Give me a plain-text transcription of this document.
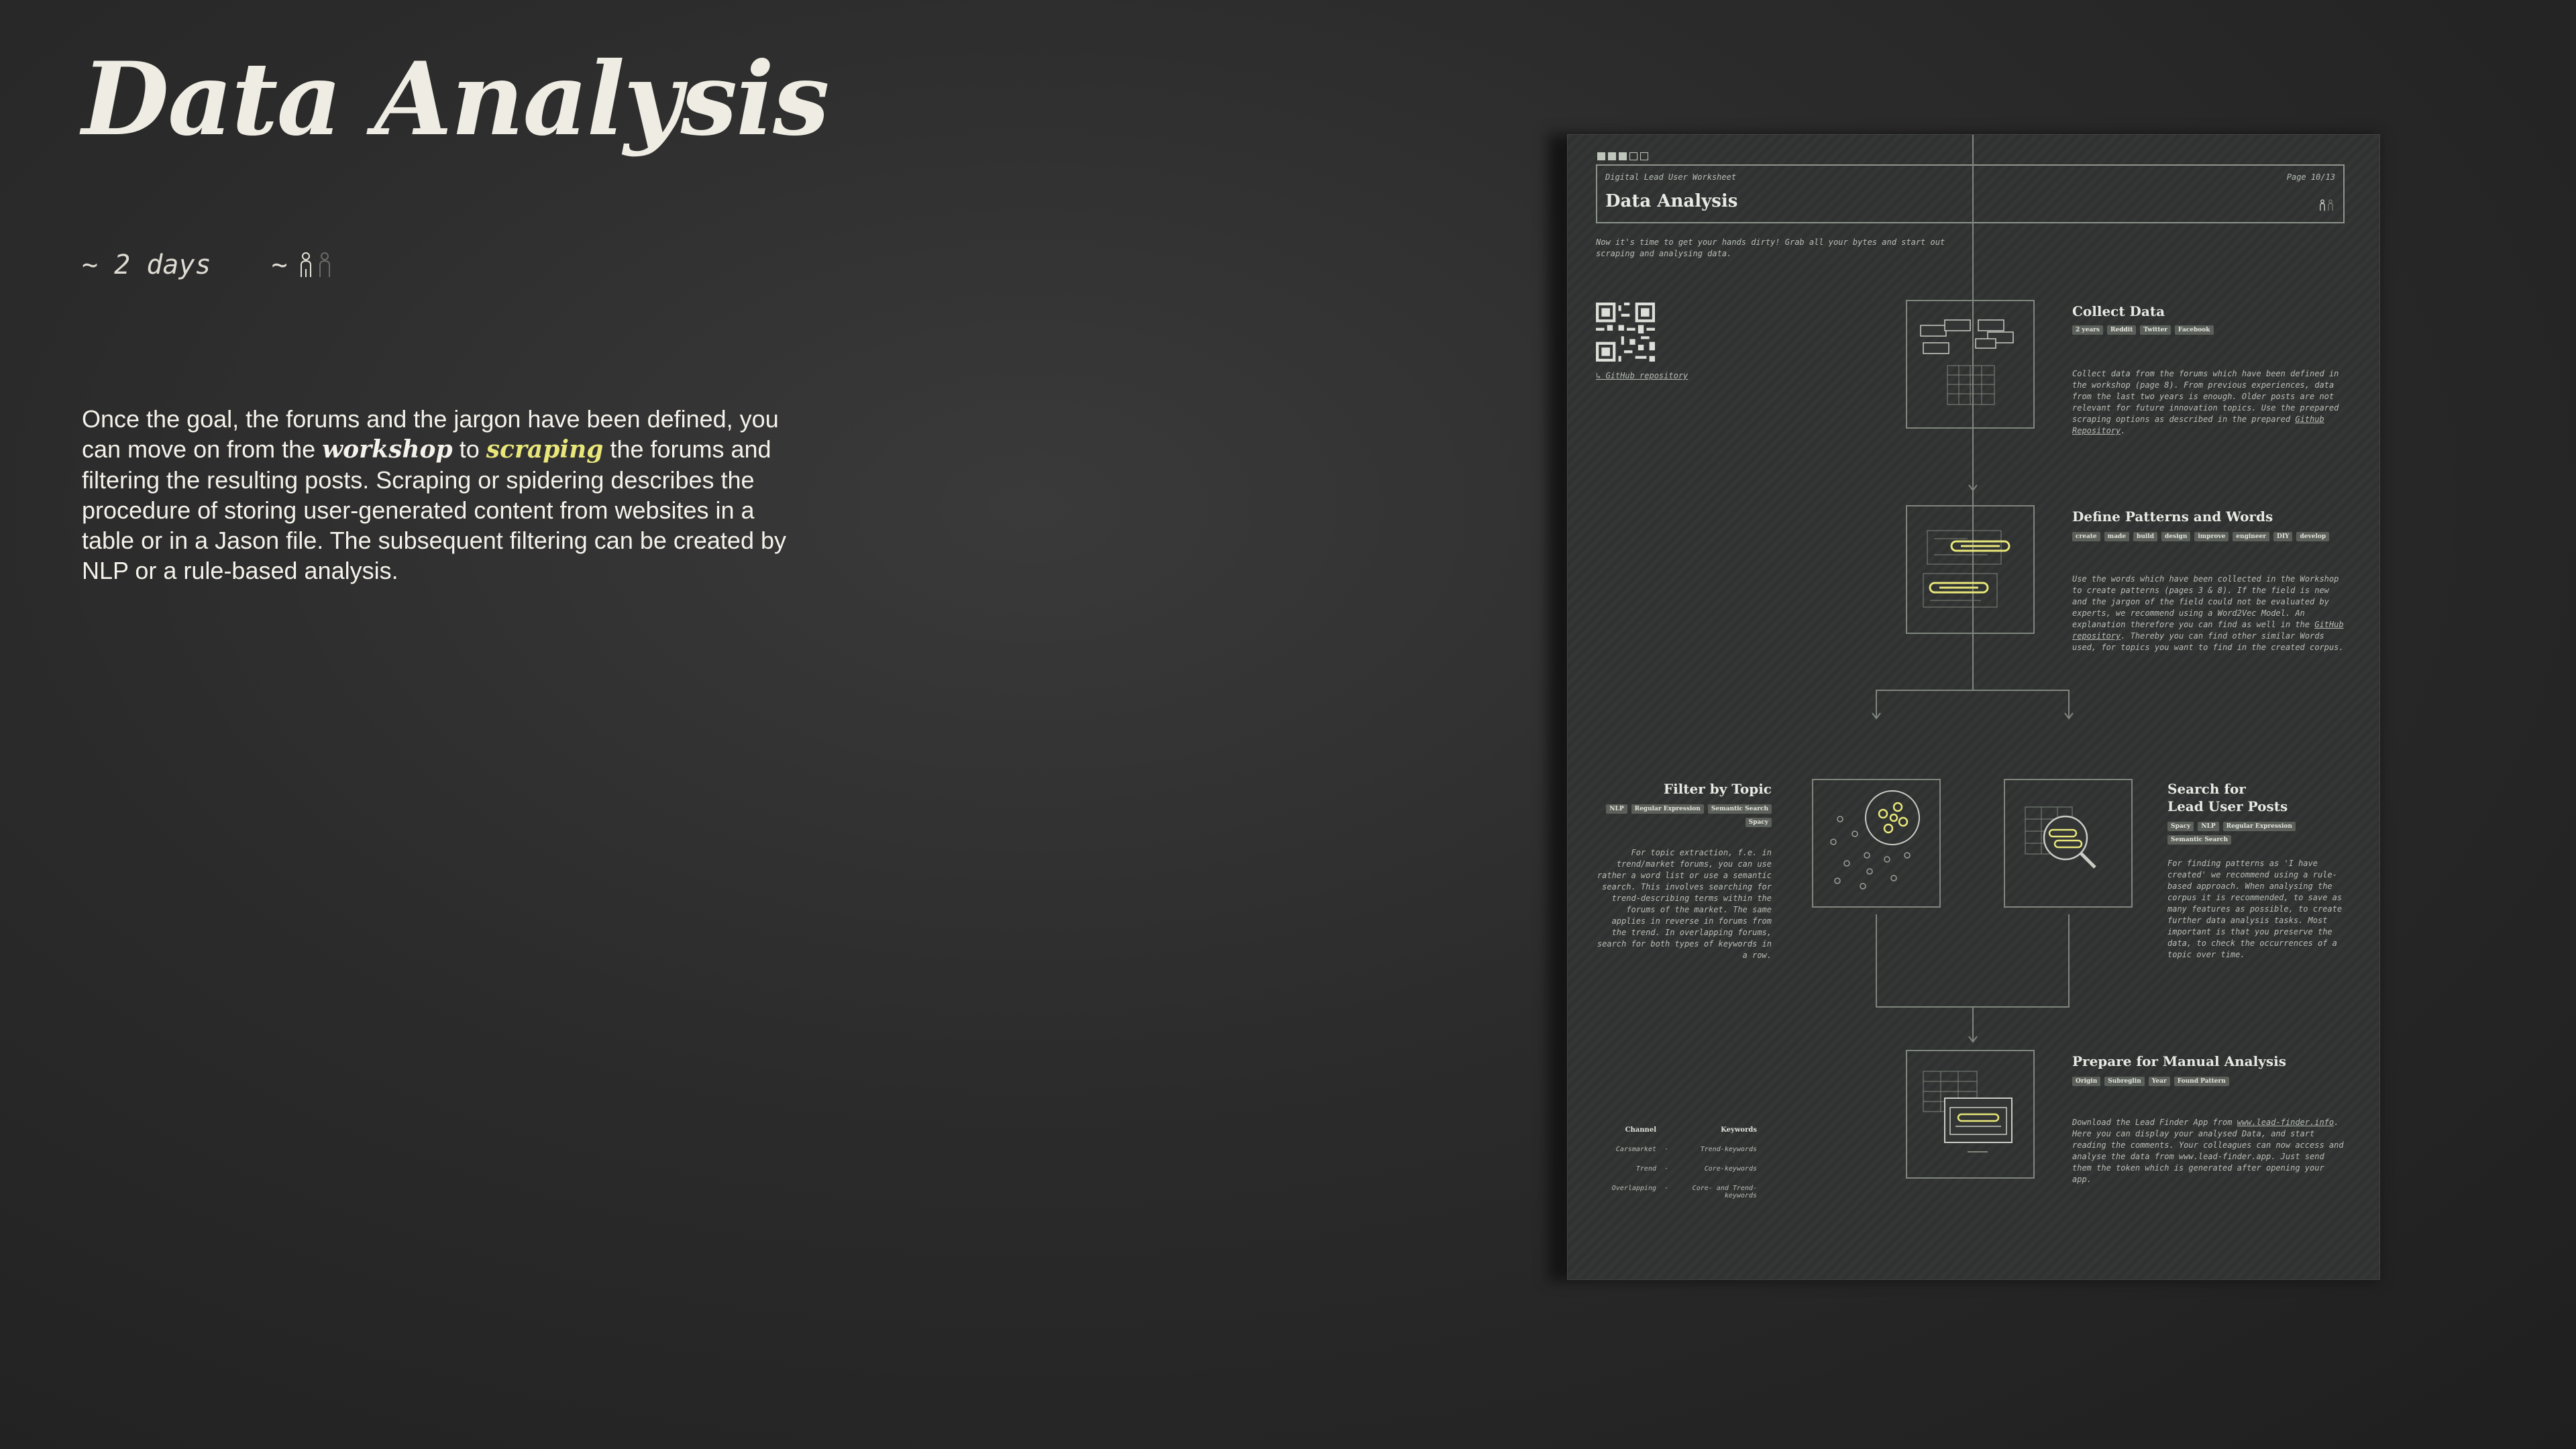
Data Analysis
~ 2 days ~

Once the goal, the forums and the jargon have been defined, you can move on from the workshop to scraping the forums and filtering the resulting posts. Scraping or spidering describes the procedure of storing user-generated content from websites in a table or in a Jason file. The subsequent filtering can be created by NLP or a rule-based analysis.

Digital Lead User Worksheet	Page 10/13
Data Analysis

Now it's time to get your hands dirty! Grab all your bytes and start out scraping and analysing data.

↳ GitHub repository
Collect Data
2 years	Reddit	Twitter	Facebook

Collect data from the forums which have been defined in the workshop (page 8). From previous experiences, data from the last two years is enough. Older posts are not relevant for future innovation topics. Use the prepared scraping options as described in the prepared Github Repository.

Define Patterns and Words
create	made	build	design	improve	engineer	DIY	develop

Use the words which have been collected in the Workshop to create patterns (pages 3 & 8). If the field is new and the jargon of the field could not be evaluated by experts, we recommend using a Word2Vec Model. An explanation therefore you can find as well in the GitHub repository. Thereby you can find other similar Words used, for topics you want to find in the created corpus.

Filter by Topic
NLP	Regular Expression	Semantic Search
Spacy

For topic extraction, f.e. in trend/market forums, you can use rather a word list or use a semantic search. This involves searching for trend-describing terms within the forums of the market. The same applies in reverse in forums from the trend. In overlapping forums, search for both types of keywords in a row.

Channel	Keywords
Carsmarket	·	Trend-keywords
Trend	·	Core-keywords
Overlapping	·	Core- and Trend-keywords
Search for
Lead User Posts
Spacy	NLP	Regular Expression
Semantic Search

For finding patterns as 'I have created' we recommend using a rule-based approach. When analysing the corpus it is recommended, to save as many features as possible, to create further data analysis tasks. Most important is that you preserve the data, to check the occurrences of a topic over time.

Prepare for Manual Analysis
Origin	Subreglin	Year	Found Pattern

Download the Lead Finder App from www.lead-finder.info. Here you can display your analysed Data, and start reading the comments. Your colleagues can now access and analyse the data from www.lead-finder.app. Just send them the token which is generated after opening your app.
